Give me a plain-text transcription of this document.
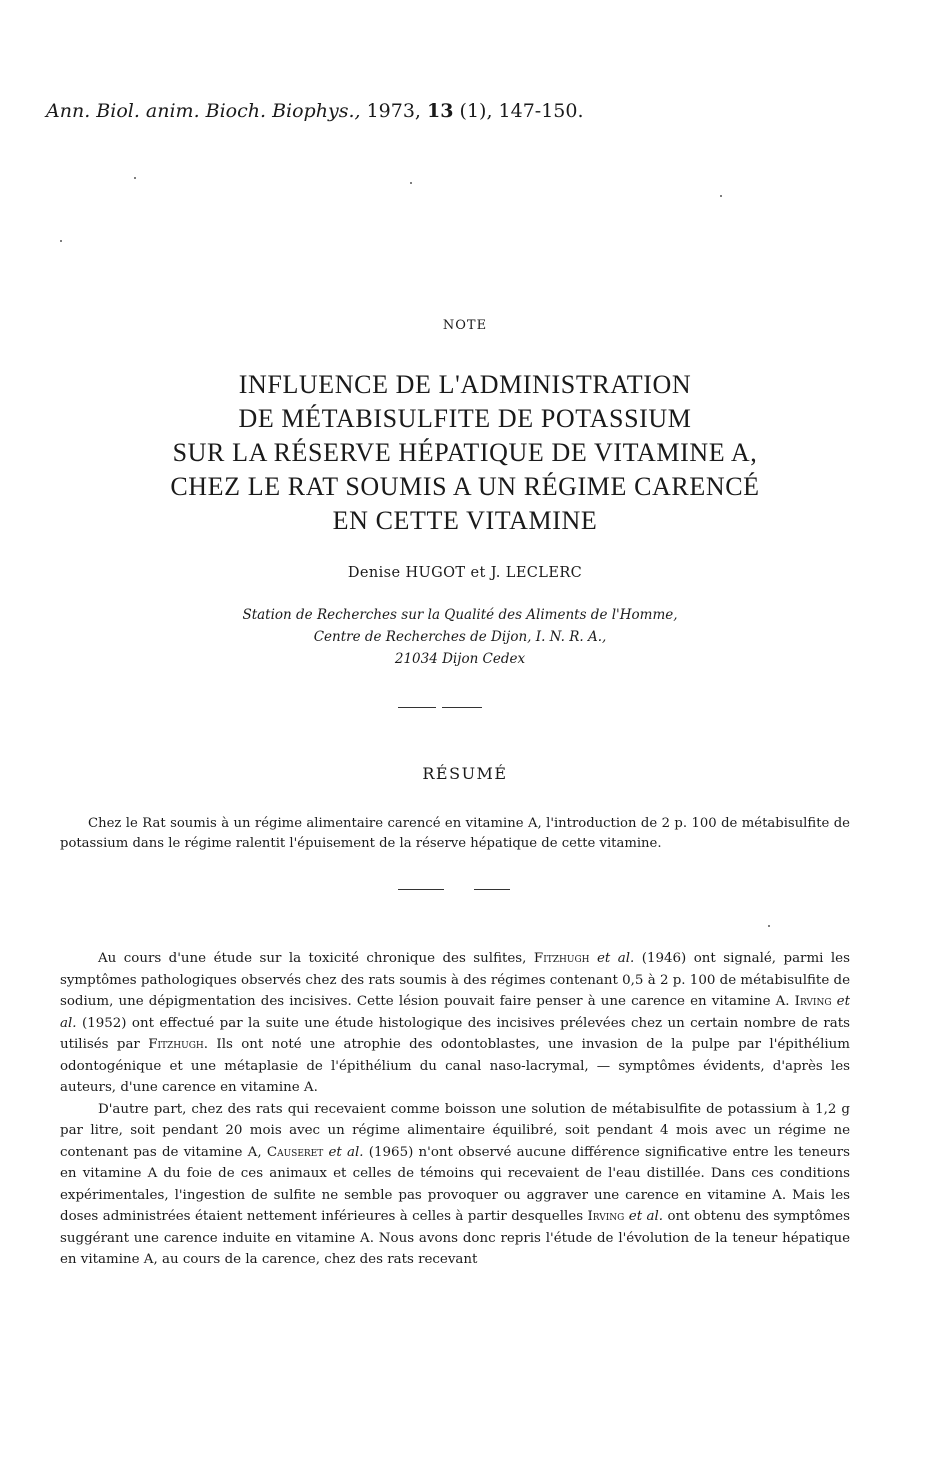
Ann. Biol. anim. Bioch. Biophys., 1973, 13 (1), 147-150.
NOTE
INFLUENCE DE L'ADMINISTRATION
DE MÉTABISULFITE DE POTASSIUM
SUR LA RÉSERVE HÉPATIQUE DE VITAMINE A,
CHEZ LE RAT SOUMIS A UN RÉGIME CARENCÉ
EN CETTE VITAMINE
Denise HUGOT et J. LECLERC
Station de Recherches sur la Qualité des Aliments de l'Homme,
Centre de Recherches de Dijon, I. N. R. A.,
21034 Dijon Cedex
RÉSUMÉ

Chez le Rat soumis à un régime alimentaire carencé en vitamine A, l'introduction de 2 p. 100 de métabisulfite de potassium dans le régime ralentit l'épuisement de la réserve hépatique de cette vitamine.

Au cours d'une étude sur la toxicité chronique des sulfites, Fitzhugh et al. (1946) ont signalé, parmi les symptômes pathologiques observés chez des rats soumis à des régimes contenant 0,5 à 2 p. 100 de métabisulfite de sodium, une dépigmentation des incisives. Cette lésion pouvait faire penser à une carence en vitamine A. Irving et al. (1952) ont effectué par la suite une étude histologique des incisives prélevées chez un certain nombre de rats utilisés par Fitzhugh. Ils ont noté une atrophie des odontoblastes, une invasion de la pulpe par l'épithélium odontogénique et une métaplasie de l'épithélium du canal naso-lacrymal, — symptômes évidents, d'après les auteurs, d'une carence en vitamine A.

D'autre part, chez des rats qui recevaient comme boisson une solution de métabisulfite de potassium à 1,2 g par litre, soit pendant 20 mois avec un régime alimentaire équilibré, soit pendant 4 mois avec un régime ne contenant pas de vitamine A, Causeret et al. (1965) n'ont observé aucune différence significative entre les teneurs en vitamine A du foie de ces animaux et celles de témoins qui recevaient de l'eau distillée. Dans ces conditions expérimentales, l'ingestion de sulfite ne semble pas provoquer ou aggraver une carence en vitamine A. Mais les doses administrées étaient nettement inférieures à celles à partir desquelles Irving et al. ont obtenu des symptômes suggérant une carence induite en vitamine A. Nous avons donc repris l'étude de l'évolution de la teneur hépatique en vitamine A, au cours de la carence, chez des rats recevant
